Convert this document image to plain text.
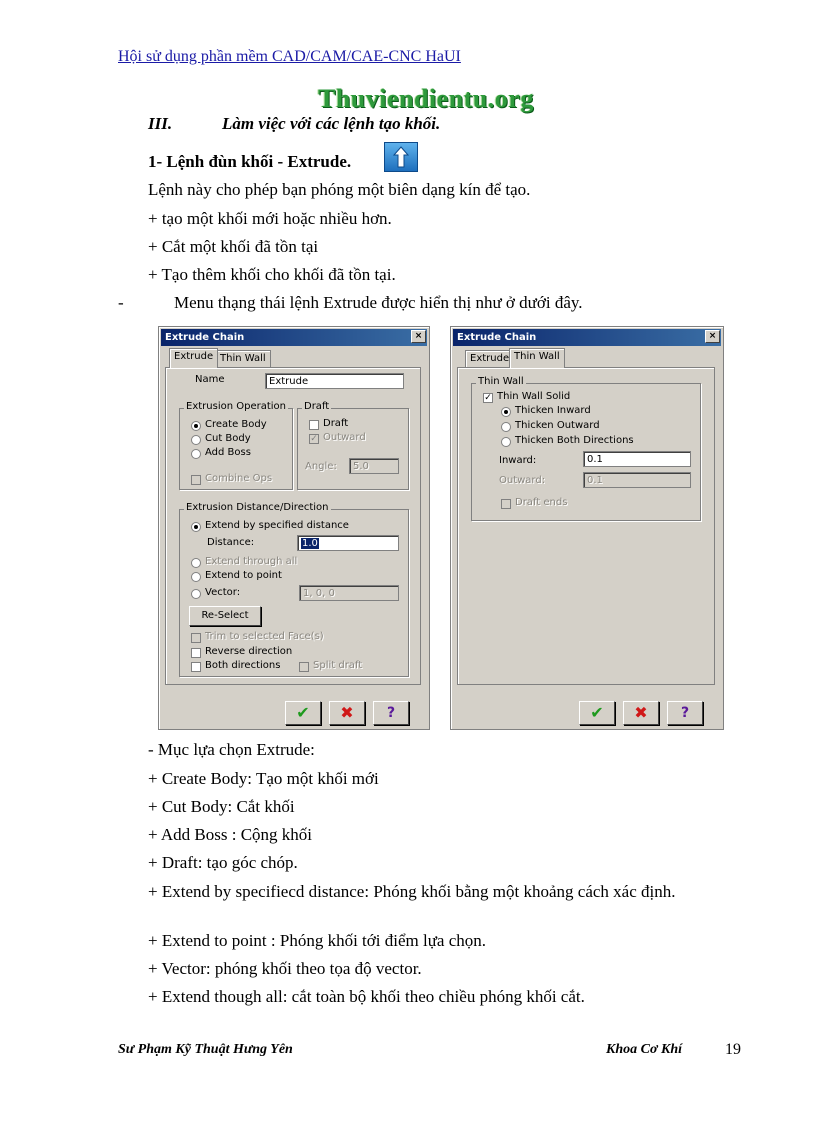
Hội sử dụng phần mềm CAD/CAM/CAE-CNC HaUI
Thuviendientu.org
III.	Làm việc với các lệnh tạo khối.
1- Lệnh đùn khối - Extrude.
Lệnh này cho phép bạn phóng một biên dạng kín để tạo.
+ tạo một khối mới hoặc nhiều hơn.
+ Cắt một khối đã tồn tại
+ Tạo thêm khối cho khối đã tồn tại.
-	Menu thạng thái lệnh Extrude được hiển thị như ở dưới đây.
Extrude Chain	×
Extrude Thin Wall
Name	Extrude
Extrusion Operation
Create Body
Cut Body
Add Boss
Combine Ops
Draft
Draft
✓ Outward
Angle:	5.0
Extrusion Distance/Direction
Extend by specified distance
Distance:	1.0
Extend through all
Extend to point
Vector:	1, 0, 0
Re-Select
Trim to selected Face(s)
Reverse direction
Both directions	Split draft
✔	✖	?
Extrude Chain	×
Extrude Thin Wall
Thin Wall
✓ Thin Wall Solid
Thicken Inward
Thicken Outward
Thicken Both Directions
Inward:	0.1
Outward:	0.1
Draft ends
✔	✖	?
- Mục lựa chọn Extrude:
+ Create Body: Tạo một khối mới
+ Cut Body: Cắt khối
+ Add Boss : Cộng khối
+ Draft: tạo góc chóp.
+ Extend by specifiecd distance: Phóng khối bằng một khoảng cách xác định.
+ Extend to point : Phóng khối tới điểm lựa chọn.
+ Vector: phóng khối theo tọa độ vector.
+ Extend though all: cắt toàn bộ khối theo chiều phóng khối cắt.
Sư Phạm Kỹ Thuật Hưng Yên	Khoa Cơ Khí	19
